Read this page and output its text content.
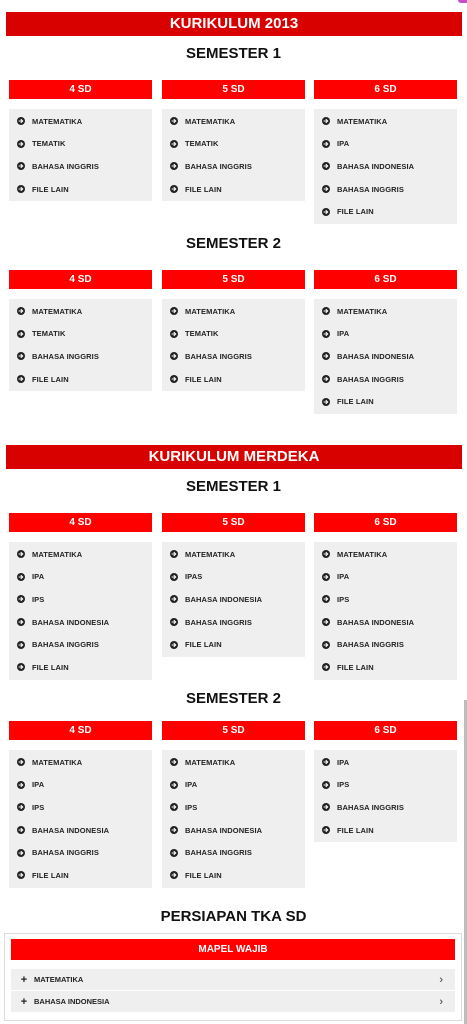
KURIKULUM 2013
SEMESTER 1
4 SD
MATEMATIKA
TEMATIK
BAHASA INGGRIS
FILE LAIN
5 SD
MATEMATIKA
TEMATIK
BAHASA INGGRIS
FILE LAIN
6 SD
MATEMATIKA
IPA
BAHASA INDONESIA
BAHASA INGGRIS
FILE LAIN
SEMESTER 2
4 SD
MATEMATIKA
TEMATIK
BAHASA INGGRIS
FILE LAIN
5 SD
MATEMATIKA
TEMATIK
BAHASA INGGRIS
FILE LAIN
6 SD
MATEMATIKA
IPA
BAHASA INDONESIA
BAHASA INGGRIS
FILE LAIN
KURIKULUM MERDEKA
SEMESTER 1
4 SD
MATEMATIKA
IPA
IPS
BAHASA INDONESIA
BAHASA INGGRIS
FILE LAIN
5 SD
MATEMATIKA
IPAS
BAHASA INDONESIA
BAHASA INGGRIS
FILE LAIN
6 SD
MATEMATIKA
IPA
IPS
BAHASA INDONESIA
BAHASA INGGRIS
FILE LAIN
SEMESTER 2
4 SD
MATEMATIKA
IPA
IPS
BAHASA INDONESIA
BAHASA INGGRIS
FILE LAIN
5 SD
MATEMATIKA
IPA
IPS
BAHASA INDONESIA
BAHASA INGGRIS
FILE LAIN
6 SD
IPA
IPS
BAHASA INGGRIS
FILE LAIN
PERSIAPAN TKA SD
MAPEL WAJIB
+ MATEMATIKA	›
+ BAHASA INDONESIA	›
